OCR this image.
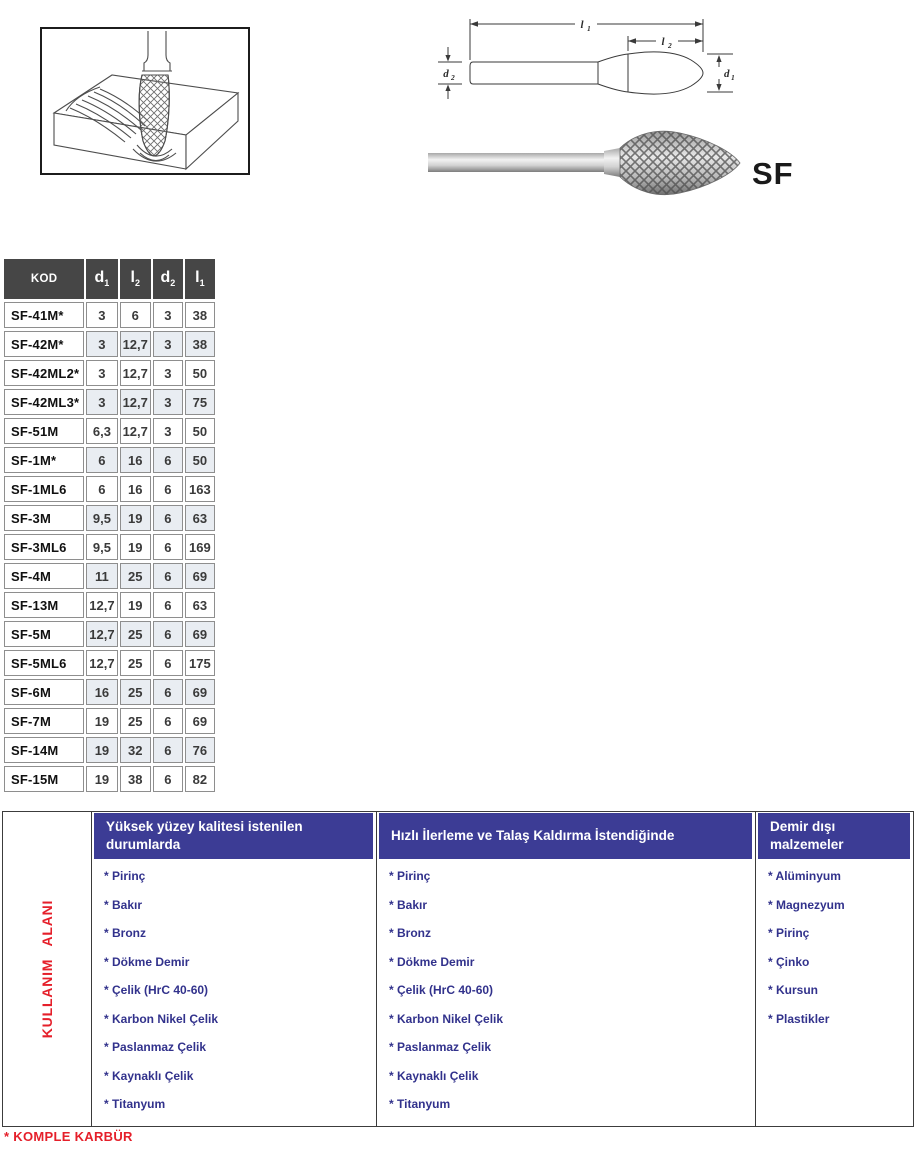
l 1
l 2
d 2	d 1
SF
KOD	$d_1$	$l_2$	$d_2$	$l_1$
SF-41M*	3	6	3	38
SF-42M*	3	12,7	3	38
SF-42ML2*	3	12,7	3	50
SF-42ML3*	3	12,7	3	75
SF-51M	6,3	12,7	3	50
SF-1M*	6	16	6	50
SF-1ML6	6	16	6	163
SF-3M	9,5	19	6	63
SF-3ML6	9,5	19	6	169
SF-4M	11	25	6	69
SF-13M	12,7	19	6	63
SF-5M	12,7	25	6	69
SF-5ML6	12,7	25	6	175
SF-6M	16	25	6	69
SF-7M	19	25	6	69
SF-14M	19	32	6	76
SF-15M	19	38	6	82
KULLANIM ALANI
Yüksek yüzey kalitesi istenilen durumlarda
* Pirinç
* Bakır
* Bronz
* Dökme Demir
* Çelik (HrC 40-60)
* Karbon Nikel Çelik
* Paslanmaz Çelik
* Kaynaklı Çelik
* Titanyum
Hızlı İlerleme ve Talaş Kaldırma İstendiğinde
* Pirinç
* Bakır
* Bronz
* Dökme Demir
* Çelik (HrC 40-60)
* Karbon Nikel Çelik
* Paslanmaz Çelik
* Kaynaklı Çelik
* Titanyum
Demir dışı malzemeler
* Alüminyum
* Magnezyum
* Pirinç
* Çinko
* Kursun
* Plastikler
* KOMPLE KARBÜR
